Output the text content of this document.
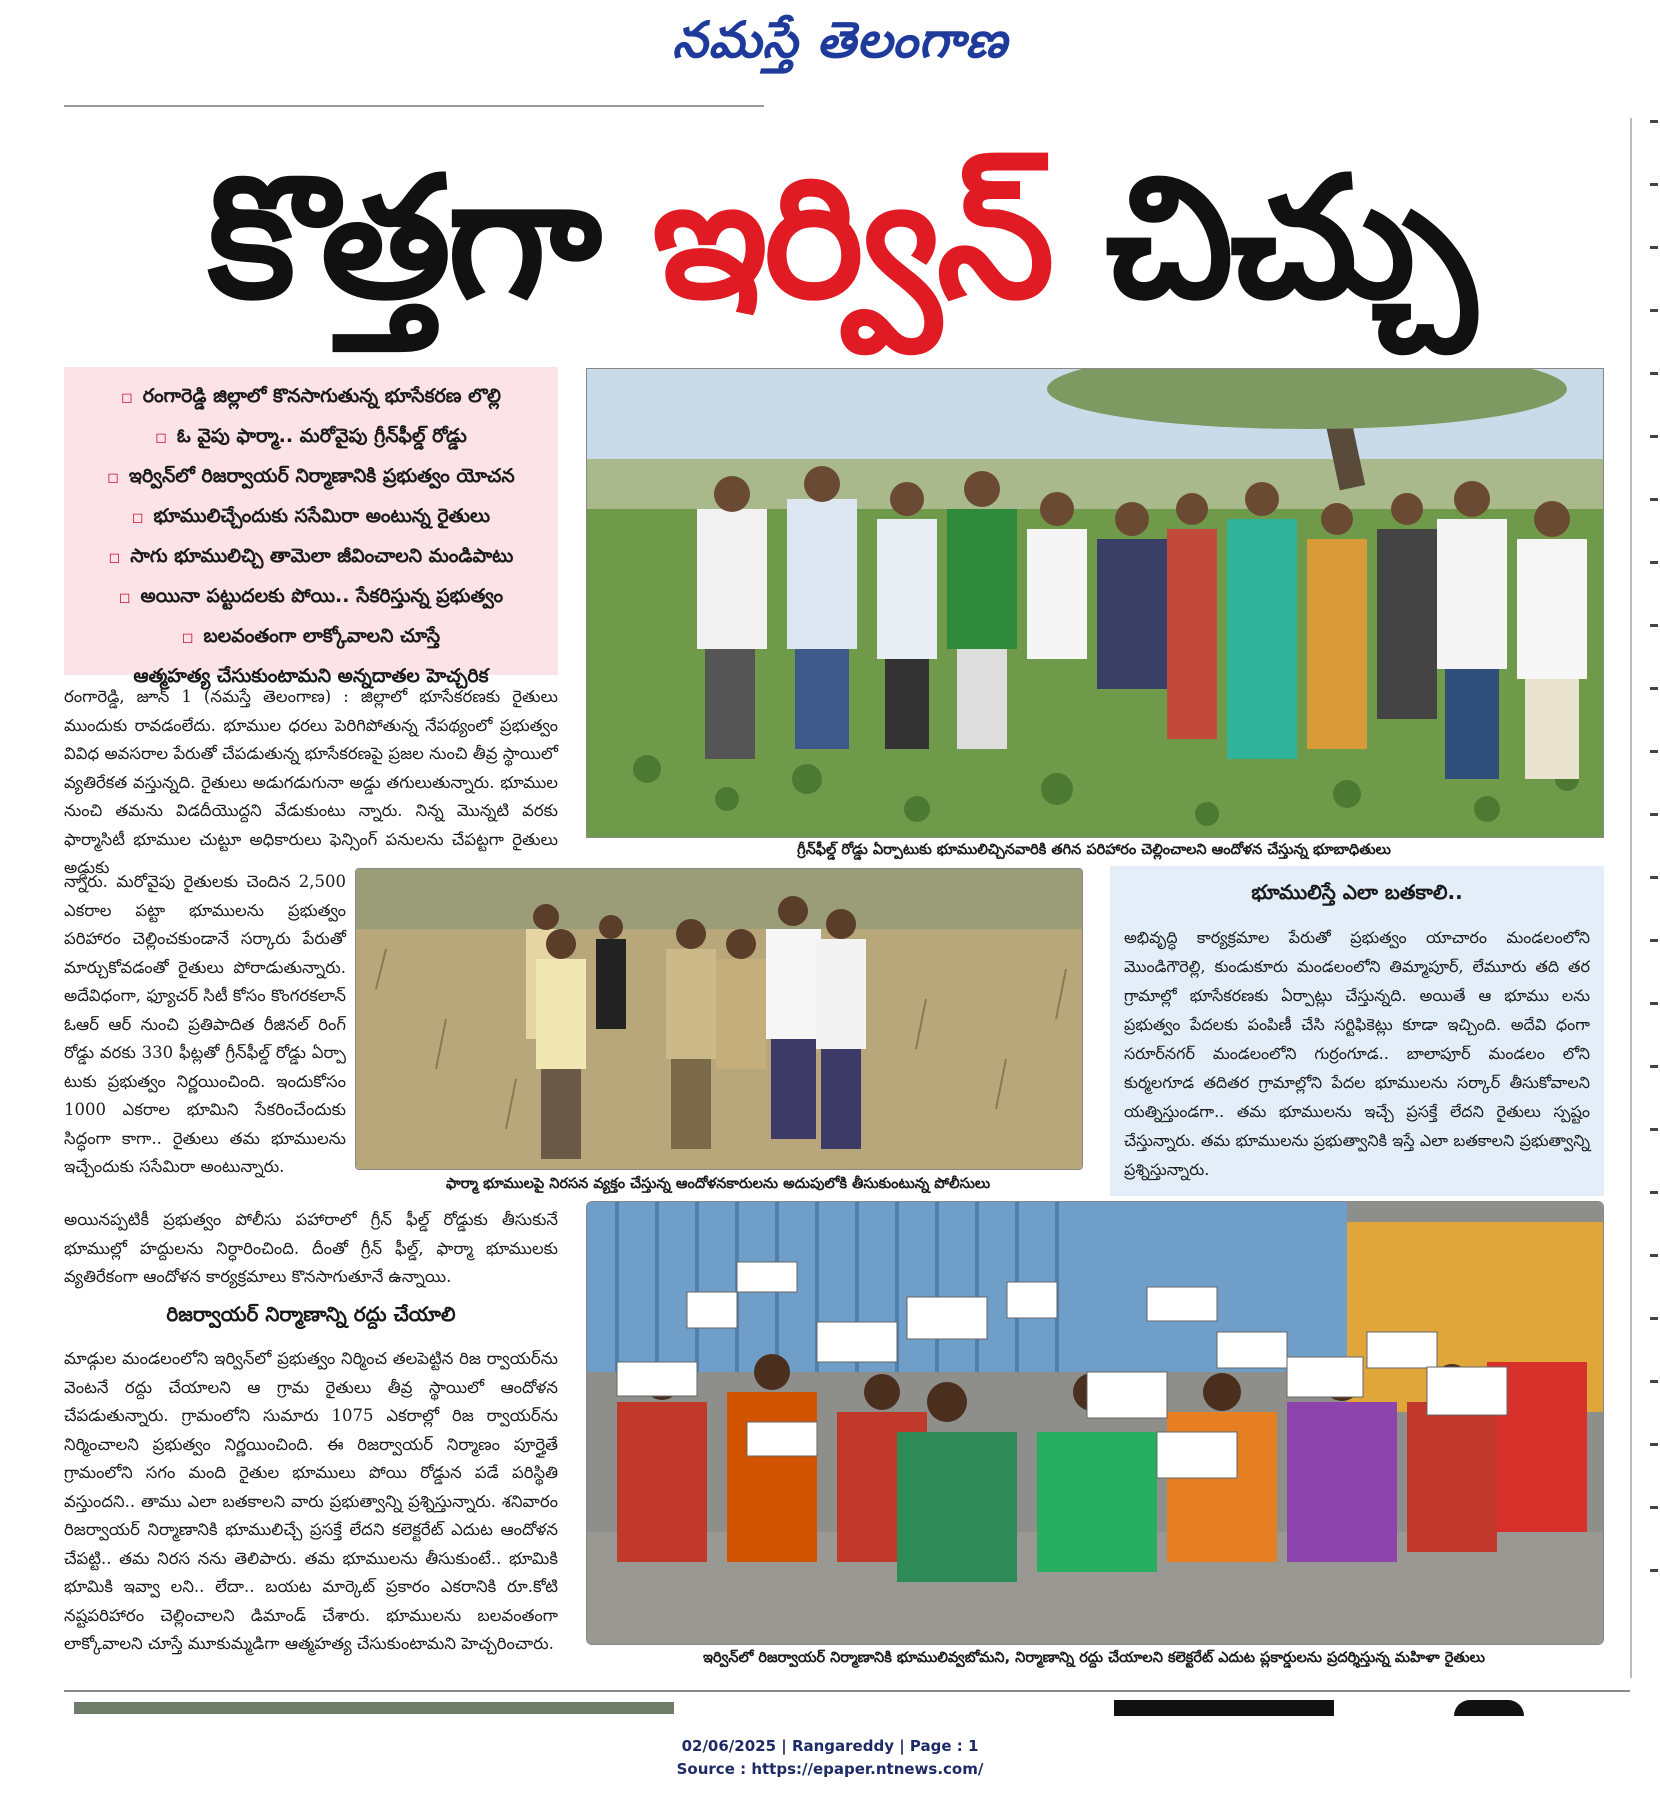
నమస్తే తెలంగాణ
కొత్తగా ఇర్విన్ చిచ్చు
◻ రంగారెడ్డి జిల్లాలో కొనసాగుతున్న భూసేకరణ లొల్లి
◻ ఓ వైపు ఫార్మా.. మరోవైపు గ్రీన్‌ఫీల్డ్ రోడ్డు
◻ ఇర్విన్‌లో రిజర్వాయర్ నిర్మాణానికి ప్రభుత్వం యోచన
◻ భూములిచ్చేందుకు ససేమిరా అంటున్న రైతులు
◻ సాగు భూములిచ్చి తామెలా జీవించాలని మండిపాటు
◻ అయినా పట్టుదలకు పోయి.. సేకరిస్తున్న ప్రభుత్వం
◻ బలవంతంగా లాక్కోవాలని చూస్తే
ఆత్మహత్య చేసుకుంటామని అన్నదాతల హెచ్చరిక
గ్రీన్‌ఫీల్డ్ రోడ్డు ఏర్పాటుకు భూములిచ్చినవారికి తగిన పరిహారం చెల్లించాలని ఆందోళన చేస్తున్న భూబాధితులు
రంగారెడ్డి, జూన్ 1 (నమస్తే తెలంగాణ) : జిల్లాలో భూసేకరణకు రైతులు ముందుకు రావడంలేదు. భూముల ధరలు పెరిగిపోతున్న నేపథ్యంలో ప్రభుత్వం వివిధ అవసరాల పేరుతో చేపడుతున్న భూసేకరణపై ప్రజల నుంచి తీవ్ర స్థాయిలో వ్యతిరేకత వస్తున్నది. రైతులు అడుగడుగునా అడ్డు తగులుతున్నారు. భూముల నుంచి తమను విడదీయొద్దని వేడుకుంటు న్నారు. నిన్న మొన్నటి వరకు ఫార్మాసిటీ భూముల చుట్టూ అధికారులు ఫెన్సింగ్ పనులను చేపట్టగా రైతులు అడ్డుకు
న్నారు. మరోవైపు రైతులకు చెందిన 2,500 ఎకరాల పట్టా భూములను ప్రభుత్వం పరిహారం చెల్లించకుండానే సర్కారు పేరుతో మార్చుకోవడంతో రైతులు పోరాడుతున్నారు. అదేవిధంగా, ఫ్యూచర్ సిటీ కోసం కొంగరకలాన్ ఓఆర్ ఆర్ నుంచి ప్రతిపాదిత రీజినల్ రింగ్ రోడ్డు వరకు 330 ఫీట్లతో గ్రీన్‌ఫీల్డ్ రోడ్డు ఏర్పా టుకు ప్రభుత్వం నిర్ణయించింది. ఇందుకోసం 1000 ఎకరాల భూమిని సేకరించేందుకు సిద్ధంగా కాగా.. రైతులు తమ భూములను ఇచ్చేందుకు ససేమిరా అంటున్నారు.
ఫార్మా భూములపై నిరసన వ్యక్తం చేస్తున్న ఆందోళనకారులను అదుపులోకి తీసుకుంటున్న పోలీసులు
భూములిస్తే ఎలా బతకాలి..
అభివృద్ధి కార్యక్రమాల పేరుతో ప్రభుత్వం యాచారం మండలంలోని మొండిగౌరెల్లి, కుండుకూరు మండలంలోని తిమ్మాపూర్, లేమూరు తది తర గ్రామాల్లో భూసేకరణకు ఏర్పాట్లు చేస్తున్నది. అయితే ఆ భూము లను ప్రభుత్వం పేదలకు పంపిణీ చేసి సర్టిఫికెట్లు కూడా ఇచ్చింది. అదేవి ధంగా సరూర్‌నగర్ మండలంలోని గుర్రంగూడ.. బాలాపూర్ మండలం లోని కుర్మలగూడ తదితర గ్రామాల్లోని పేదల భూములను సర్కార్ తీసుకోవాలని యత్నిస్తుండగా.. తమ భూములను ఇచ్చే ప్రసక్తే లేదని రైతులు స్పష్టం చేస్తున్నారు. తమ భూములను ప్రభుత్వానికి ఇస్తే ఎలా బతకాలని ప్రభుత్వాన్ని ప్రశ్నిస్తున్నారు.
అయినప్పటికీ ప్రభుత్వం పోలీసు పహారాలో గ్రీన్ ఫీల్డ్ రోడ్డుకు తీసుకునే భూముల్లో హద్దులను నిర్ధారించింది. దీంతో గ్రీన్ ఫీల్డ్, ఫార్మా భూములకు వ్యతిరేకంగా ఆందోళన కార్యక్రమాలు కొనసాగుతూనే ఉన్నాయి.
రిజర్వాయర్ నిర్మాణాన్ని రద్దు చేయాలి
మాడ్గుల మండలంలోని ఇర్విన్‌లో ప్రభుత్వం నిర్మించ తలపెట్టిన రిజ ర్వాయర్‌ను వెంటనే రద్దు చేయాలని ఆ గ్రామ రైతులు తీవ్ర స్థాయిలో ఆందోళన చేపడుతున్నారు. గ్రామంలోని సుమారు 1075 ఎకరాల్లో రిజ ర్వాయర్‌ను నిర్మించాలని ప్రభుత్వం నిర్ణయించింది. ఈ రిజర్వాయర్ నిర్మాణం పూర్తైతే గ్రామంలోని సగం మంది రైతుల భూములు పోయి రోడ్డున పడే పరిస్థితి వస్తుందని.. తాము ఎలా బతకాలని వారు ప్రభుత్వాన్ని ప్రశ్నిస్తున్నారు. శనివారం రిజర్వాయర్ నిర్మాణానికి భూములిచ్చే ప్రసక్తే లేదని కలెక్టరేట్ ఎదుట ఆందోళన చేపట్టి.. తమ నిరస నను తెలిపారు. తమ భూములను తీసుకుంటే.. భూమికి భూమికి ఇవ్వా లని.. లేదా.. బయట మార్కెట్ ప్రకారం ఎకరానికి రూ.కోటి నష్టపరిహారం చెల్లించాలని డిమాండ్ చేశారు. భూములను బలవంతంగా లాక్కోవాలని చూస్తే మూకుమ్మడిగా ఆత్మహత్య చేసుకుంటామని హెచ్చరించారు.
ఇర్విన్‌లో రిజర్వాయర్ నిర్మాణానికి భూములివ్వబోమని, నిర్మాణాన్ని రద్దు చేయాలని కలెక్టరేట్ ఎదుట ప్లకార్డులను ప్రదర్శిస్తున్న మహిళా రైతులు
02/06/2025 | Rangareddy | Page : 1
Source : https://epaper.ntnews.com/
